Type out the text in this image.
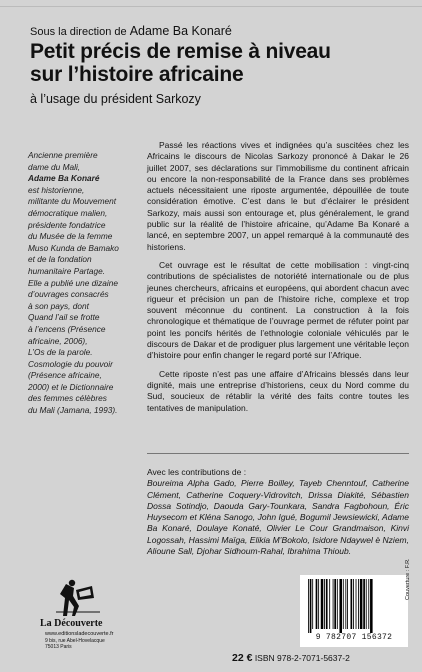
Sous la direction de Adame Ba Konaré
Petit précis de remise à niveau
sur l’histoire africaine
à l’usage du président Sarkozy
Ancienne première
dame du Mali,
Adame Ba Konaré
est historienne,
militante du Mouvement
démocratique malien,
présidente fondatrice
du Musée de la femme
Muso Kunda de Bamako
et de la fondation
humanitaire Partage.
Elle a publié une dizaine
d’ouvrages consacrés
à son pays, dont
Quand l’ail se frotte
à l’encens (Présence
africaine, 2006),
L’Os de la parole.
Cosmologie du pouvoir
(Présence africaine,
2000) et le Dictionnaire
des femmes célèbres
du Mali (Jamana, 1993).

Passé les réactions vives et indignées qu’a suscitées chez les Africains le discours de Nicolas Sarkozy prononcé à Dakar le 26 juillet 2007, ses déclarations sur l’immobilisme du continent africain ou encore la non-responsabilité de la France dans ses problèmes actuels nécessitaient une riposte argumentée, dépouillée de toute considération émotive. C’est dans le but d’éclairer le président Sarkozy, mais aussi son entourage et, plus généralement, le grand public sur la réalité de l’histoire africaine, qu’Adame Ba Konaré a lancé, en septembre 2007, un appel remarqué à la communauté des historiens.

Cet ouvrage est le résultat de cette mobilisation : vingt-cinq contributions de spécialistes de notoriété internationale ou de plus jeunes chercheurs, africains et européens, qui abordent chacun avec rigueur et précision un pan de l’histoire riche, complexe et trop souvent méconnue du continent. La construction à la fois chronologique et thématique de l’ouvrage permet de réfuter point par point les poncifs hérités de l’ethnologie coloniale véhiculés par le discours de Dakar et de prodiguer plus largement une véritable leçon d’histoire pour enfin changer le regard porté sur l’Afrique.

Cette riposte n’est pas une affaire d’Africains blessés dans leur dignité, mais une entreprise d’historiens, ceux du Nord comme du Sud, soucieux de rétablir la vérité des faits contre toutes les tentatives de manipulation.

Avec les contributions de :

Boureima Alpha Gado, Pierre Boilley, Tayeb Chenntouf, Catherine Clément, Catherine Coquery-Vidrovitch, Drissa Diakité, Sébastien Dossa Sotindjo, Daouda Gary-Tounkara, Sandra Fagbohoun, Éric Huysecom et Kléna Sanogo, John Igué, Bogumil Jewsiewicki, Adame Ba Konaré, Doulaye Konaté, Olivier Le Cour Grandmaison, Kinvi Logossah, Hassimi Maïga, Elikia M’Bokolo, Isidore Ndaywel è Nziem, Alioune Sall, Djohar Sidhoum-Rahal, Ibrahima Thioub.

La Découverte
www.editionsladecouverte.fr
9 bis, rue Abel-Hovelacque
75013 Paris
9 782707 156372
22 € ISBN 978-2-7071-5637-2
Couverture : F.R.
